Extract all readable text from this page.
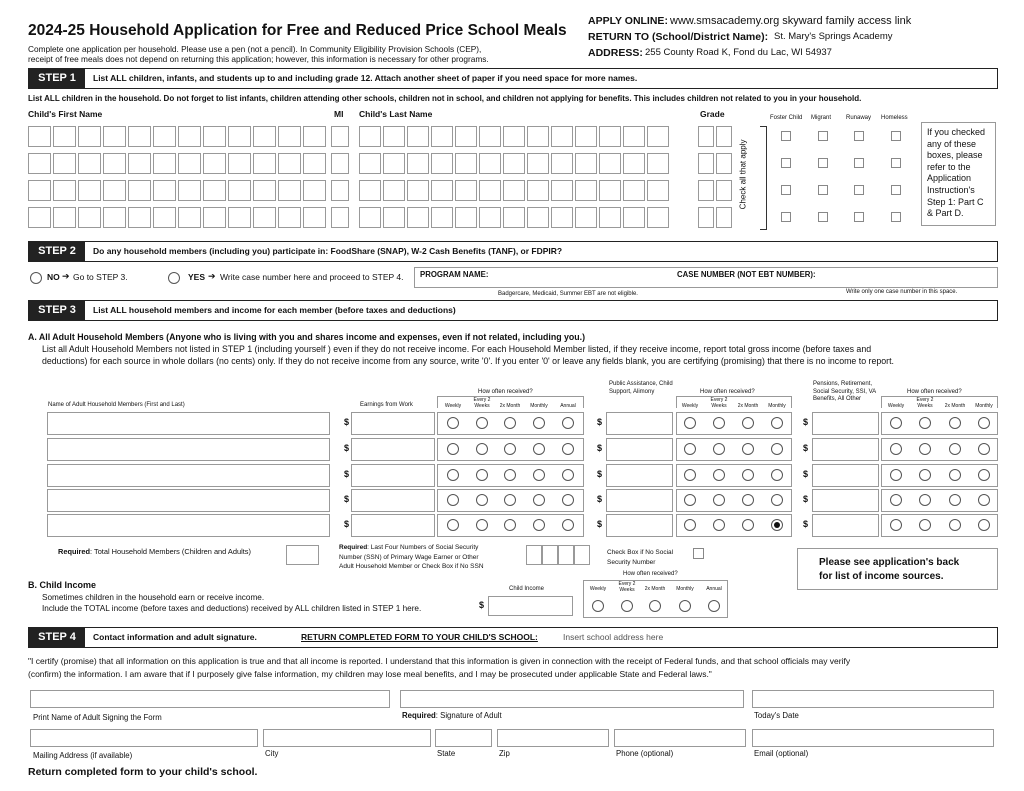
2024-25 Household Application for Free and Reduced Price School Meals
Complete one application per household. Please use a pen (not a pencil). In Community Eligibility Provision Schools (CEP),
receipt of free meals does not depend on returning this application; however, this information is necessary for other programs.
APPLY ONLINE: www.smsacademy.org skyward family access link
RETURN TO (School/District Name): St. Mary's Springs Academy
ADDRESS: 255 County Road K, Fond du Lac, WI 54937
STEP 1	List ALL children, infants, and students up to and including grade 12. Attach another sheet of paper if you need space for more names.
List ALL children in the household. Do not forget to list infants, children attending other schools, children not in school, and children not applying for benefits. This includes children not related to you in your household.
Child's First Name	MI Child's Last Name	Grade	Foster Child Migrant Runaway Homeless
Check all that apply
If you checked any of these boxes, please refer to the Application Instruction's Step 1: Part C & Part D.
STEP 2	Do any household members (including you) participate in: FoodShare (SNAP), W-2 Cash Benefits (TANF), or FDPIR?
NO ➔ Go to STEP 3.	YES ➔ Write case number here and proceed to STEP 4. PROGRAM NAME:	CASE NUMBER (NOT EBT NUMBER):
Badgercare, Medicaid, Summer EBT are not eligible.	Write only one case number in this space.
STEP 3	List ALL household members and income for each member (before taxes and deductions)
A. All Adult Household Members (Anyone who is living with you and shares income and expenses, even if not related, including you.)
List all Adult Household Members not listed in STEP 1 (including yourself ) even if they do not receive income. For each Household Member listed, if they receive income, report total gross income (before taxes and
deductions) for each source in whole dollars (no cents) only. If they do not receive income from any source, write '0'. If you enter '0' or leave any fields blank, you are certifying (promising) that there is no income to report.
Name of Adult Household Members (First and Last)	Earnings from Work
Public Assistance, Child Support, Alimony
Pensions, Retirement, Social Security, SSI, VA Benefits, All Other
How often received?	How often received?	How often received?
Weekly
Every 2 Weeks	2x Month	Monthly	Annual	Weekly
Every 2 Weeks	2x Month	Monthly	Weekly
Every 2 Weeks	2x Month	Monthly
$	$	$
$	$	$
$	$	$
$	$	$
$	$	$
Required: Total Household Members (Children and Adults)	Required: Last Four Numbers of Social Security
Number (SSN) of Primary Wage Earner or Other
Adult Household Member or Check Box if No SSN
Check Box if No Social
Security Number	Please see application's back
for list of income sources.
B. Child Income
Sometimes children in the household earn or receive income.
Include the TOTAL income (before taxes and deductions) received by ALL children listed in STEP 1 here.
Child Income
$
How often received?
Weekly
Every 2 Weeks	2x Month	Monthly	Annual
STEP 4	Contact information and adult signature.	RETURN COMPLETED FORM TO YOUR CHILD'S SCHOOL:	Insert school address here
"I certify (promise) that all information on this application is true and that all income is reported. I understand that this information is given in connection with the receipt of Federal funds, and that school officials may verify
(confirm) the information. I am aware that if I purposely give false information, my children may lose meal benefits, and I may be prosecuted under applicable State and Federal laws."
Print Name of Adult Signing the Form	Required: Signature of Adult	Today's Date
Mailing Address (if available)	City	State	Zip	Phone (optional)	Email (optional)
Return completed form to your child's school.
